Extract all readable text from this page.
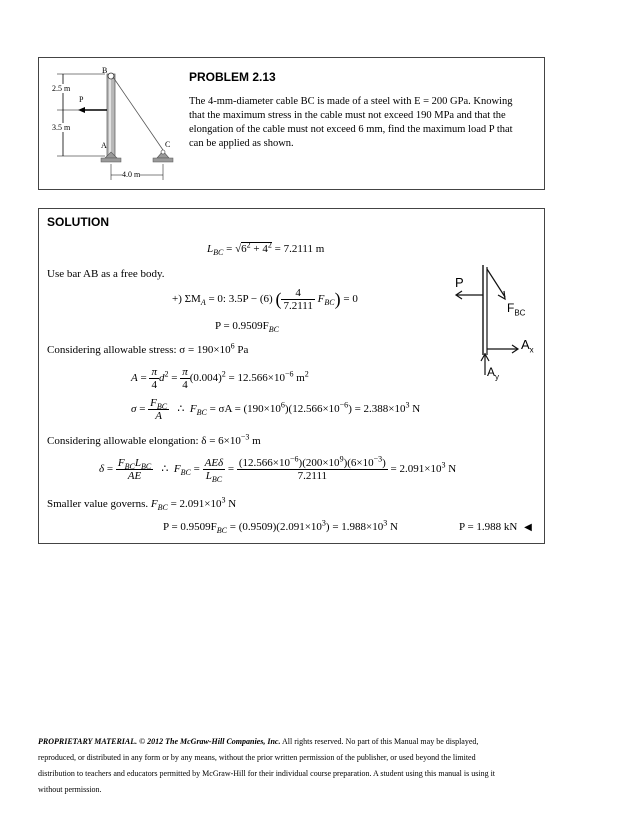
B
P
A	C
2.5 m
3.5 m
4.0 m
PROBLEM 2.13
The 4-mm-diameter cable BC is made of a steel with E = 200 GPa. Knowing
that the maximum stress in the cable must not exceed 190 MPa and that the
elongation of the cable must not exceed 6 mm, find the maximum load P that
can be applied as shown.
SOLUTION
$L_{BC} = √6^2 + 4^2 = 7.2111$ m
Use bar AB as a free body.
+) $\Sigma M_A = 0$: 3.5P − (6) ( $\frac{4}{7.2111} F_{BC}) = 0$
$P = 0.9509F_{BC}$
Considering allowable stress: $\sigma = 190\times 10^6$ Pa
$A = \frac{\pi}{4} d^2 = \frac{\pi}{4} (0.004)^2 = 12.566\times 10^{-6}$ $m^2$
$\sigma = \frac{F_{BC}}{A}$ ∴  $F_{BC} = \sigma A = (190\times 10^6)(12.566\times 10^{-6}) = 2.388\times 10^3$ N
Considering allowable elongation: $\delta = 6\times 10^{-3}$ m
$\delta = \frac{F_{BC}L_{BC}}{AE}$ ∴  $F_{BC} = \frac{\text{AEδ}}{L_{BC}} = \frac{(12.566\times 10^{-6})(200\times 10^9)(6\times 10^{-3})}{7.2111} = 2.091\times 10^3$ N
Smaller value governs. $F_{BC} = 2.091\times 10^3$ N
$P = 0.9509F_{BC} = (0.9509)(2.091\times 10^3) = 1.988\times 10^3$ N	P = 1.988 kN ◀
P
$F_{BC}$
$A_x$
$A_y$
PROPRIETARY MATERIAL. © 2012 The McGraw-Hill Companies, Inc. All rights reserved. No part of this Manual may be displayed,
reproduced, or distributed in any form or by any means, without the prior written permission of the publisher, or used beyond the limited
distribution to teachers and educators permitted by McGraw-Hill for their individual course preparation. A student using this manual is using it
without permission.
